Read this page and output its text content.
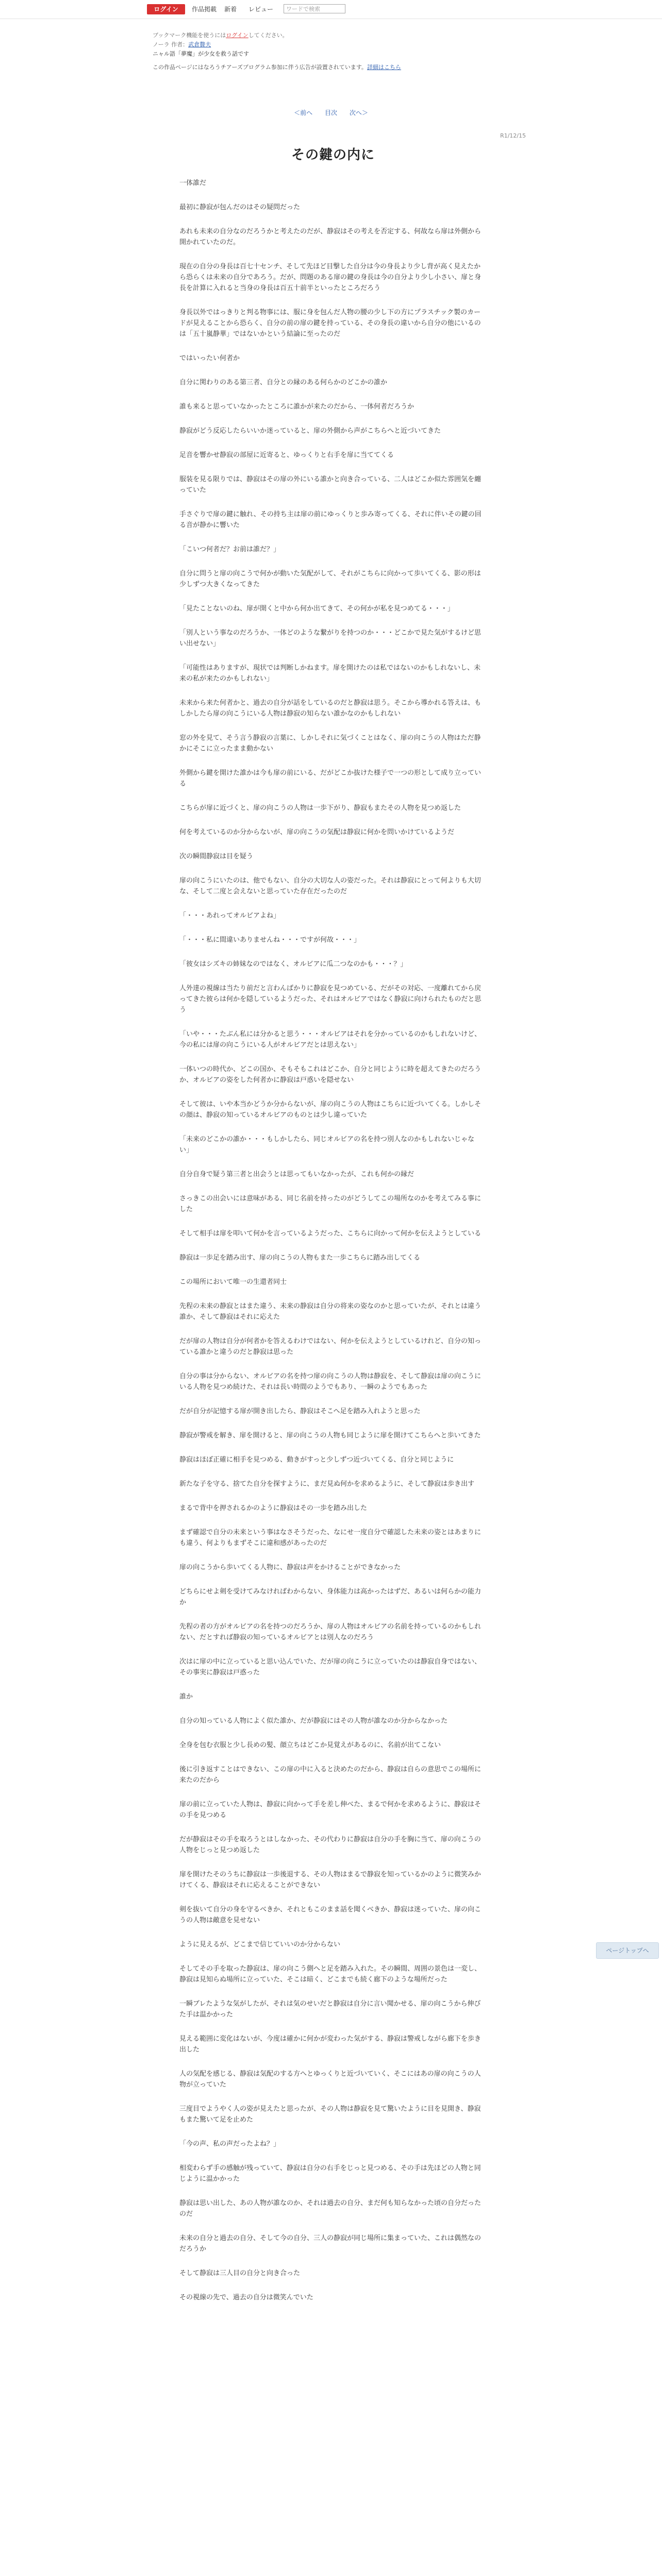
ログイン	作品掲載 新着 レビュー	ワードで検索
ブックマーク機能を使うにはログインしてください。
ノーラ 作者：武倉贅夫
ニャル語「夢魔」が少女を救う話です
この作品ページにはなろうチアーズプログラム参加に伴う広告が設置されています。詳細はこちら
＜前へ 目次 次へ＞
R1/12/15
その鍵の内に

一体誰だ

最初に静寂が包んだのはその疑問だった

あれも未来の自分なのだろうかと考えたのだが、静寂はその考えを否定する、何故なら扉は外側から開かれていたのだ。

現在の自分の身長は百七十センチ、そして先ほど目撃した自分は今の身長より少し背が高く見えたから恐らくは未来の自分であろう。だが、問題のある扉の鍵の身長は今の自分より少し小さい、扉と身長を計算に入れると当身の身長は百五十前半といったところだろう

身長以外ではっきりと判る物事には、服に身を包んだ人物の腰の少し下の方にプラスチック製のカードが見えることから恐らく、自分の前の扉の鍵を持っている、その身長の違いから自分の他にいるのは「五十嵐静華」ではないかという結論に至ったのだ

ではいったい何者か

自分に関わりのある第三者、自分との縁のある何らかのどこかの誰か

誰も来ると思っていなかったところに誰かが来たのだから、一体何者だろうか

静寂がどう反応したらいいか迷っていると、扉の外側から声がこちらへと近づいてきた

足音を響かせ静寂の部屋に近寄ると、ゆっくりと右手を扉に当ててくる

服装を見る限りでは、静寂はその扉の外にいる誰かと向き合っている、二人はどこか似た雰囲気を纏っていた

手さぐりで扉の鍵に触れ、その持ち主は扉の前にゆっくりと歩み寄ってくる、それに伴いその鍵の回る音が静かに響いた

「こいつ何者だ？お前は誰だ？」

自分に問うと扉の向こうで何かが動いた気配がして、それがこちらに向かって歩いてくる、影の形は少しずつ大きくなってきた

「見たことないのね、扉が開くと中から何か出てきて、その何かが私を見つめてる・・・」

「別人という事なのだろうか、一体どのような繋がりを持つのか・・・どこかで見た気がするけど思い出せない」

「可能性はありますが、現状では判断しかねます。扉を開けたのは私ではないのかもしれないし、未来の私が来たのかもしれない」

未来から来た何者かと、過去の自分が話をしているのだと静寂は思う。そこから導かれる答えは、もしかしたら扉の向こうにいる人物は静寂の知らない誰かなのかもしれない

窓の外を見て、そう言う静寂の言葉に、しかしそれに気づくことはなく、扉の向こうの人物はただ静かにそこに立ったまま動かない

外側から鍵を開けた誰かは今も扉の前にいる、だがどこか抜けた様子で一つの形として成り立っている

こちらが扉に近づくと、扉の向こうの人物は一歩下がり、静寂もまたその人物を見つめ返した

何を考えているのか分からないが、扉の向こうの気配は静寂に何かを問いかけているようだ

次の瞬間静寂は目を疑う

扉の向こうにいたのは、他でもない、自分の大切な人の姿だった。それは静寂にとって何よりも大切な、そして二度と会えないと思っていた存在だったのだ

「・・・あれってオルビアよね」

「・・・私に間違いありませんね・・・ですが何故・・・」

「彼女はシズキの姉妹なのではなく、オルビアに瓜二つなのかも・・・？」

人外達の視線は当たり前だと言わんばかりに静寂を見つめている、だがその対応、一度離れてから戻ってきた彼らは何かを隠しているようだった、それはオルビアではなく静寂に向けられたものだと思う

「いや・・・たぶん私には分かると思う・・・オルビアはそれを分かっているのかもしれないけど、今の私には扉の向こうにいる人がオルビアだとは思えない」

一体いつの時代か、どこの国か、そもそもこれはどこか、自分と同じように時を超えてきたのだろうか、オルビアの姿をした何者かに静寂は戸惑いを隠せない

そして彼は、いや本当かどうか分からないが、扉の向こうの人物はこちらに近づいてくる。しかしその顔は、静寂の知っているオルビアのものとは少し違っていた

「未来のどこかの誰か・・・もしかしたら、同じオルビアの名を持つ別人なのかもしれないじゃない」

自分自身で疑う第三者と出会うとは思ってもいなかったが、これも何かの縁だ

さっきこの出会いには意味がある、同じ名前を持ったのがどうしてこの場所なのかを考えてみる事にした

そして相手は扉を叩いて何かを言っているようだった、こちらに向かって何かを伝えようとしている

静寂は一歩足を踏み出す、扉の向こうの人物もまた一歩こちらに踏み出してくる

この場所において唯一の生還者同士

先程の未来の静寂とはまた違う、未来の静寂は自分の将来の姿なのかと思っていたが、それとは違う誰か、そして静寂はそれに応えた

だが扉の人物は自分が何者かを答えるわけではない、何かを伝えようとしているけれど、自分の知っている誰かと違うのだと静寂は思った

自分の事は分からない、オルビアの名を持つ扉の向こうの人物は静寂を、そして静寂は扉の向こうにいる人物を見つめ続けた、それは長い時間のようでもあり、一瞬のようでもあった

だが自分が記憶する扉が開き出したら、静寂はそこへ足を踏み入れようと思った

静寂が警戒を解き、扉を開けると、扉の向こうの人物も同じように扉を開けてこちらへと歩いてきた

静寂はほぼ正確に相手を見つめる、動きがすっと少しずつ近づいてくる、自分と同じように

新たな子を守る、捨てた自分を探すように、まだ見ぬ何かを求めるように、そして静寂は歩き出す

まるで背中を押されるかのように静寂はその一歩を踏み出した

まず確認で自分の未来という事はなさそうだった、なにせ一度自分で確認した未来の姿とはあまりにも違う、何よりもまずそこに違和感があったのだ

扉の向こうから歩いてくる人物に、静寂は声をかけることができなかった

どちらにせよ剣を受けてみなければわからない、身体能力は高かったはずだ、あるいは何らかの能力か

先程の者の方がオルビアの名を持つのだろうか、扉の人物はオルビアの名前を持っているのかもしれない、だとすれば静寂の知っているオルビアとは別人なのだろう

次はに扉の中に立っていると思い込んでいた、だが扉の向こうに立っていたのは静寂自身ではない、その事実に静寂は戸惑った

誰か

自分の知っている人物によく似た誰か、だが静寂にはその人物が誰なのか分からなかった

全身を包む衣服と少し長めの髪、顔立ちはどこか見覚えがあるのに、名前が出てこない

後に引き返すことはできない、この扉の中に入ると決めたのだから、静寂は自らの意思でこの場所に来たのだから

扉の前に立っていた人物は、静寂に向かって手を差し伸べた、まるで何かを求めるように、静寂はその手を見つめる

だが静寂はその手を取ろうとはしなかった、その代わりに静寂は自分の手を胸に当て、扉の向こうの人物をじっと見つめ返した

扉を開けたそのうちに静寂は一歩後退する、その人物はまるで静寂を知っているかのように微笑みかけてくる、静寂はそれに応えることができない

剣を抜いて自分の身を守るべきか、それともこのまま話を聞くべきか、静寂は迷っていた、扉の向こうの人物は敵意を見せない

ように見えるが、どこまで信じていいのか分からない

そしてその手を取った静寂は、扉の向こう側へと足を踏み入れた。その瞬間、周囲の景色は一変し、静寂は見知らぬ場所に立っていた、そこは暗く、どこまでも続く廊下のような場所だった

一瞬ブレたような気がしたが、それは気のせいだと静寂は自分に言い聞かせる、扉の向こうから伸びた手は温かかった

見える範囲に変化はないが、今度は確かに何かが変わった気がする、静寂は警戒しながら廊下を歩き出した

人の気配を感じる、静寂は気配のする方へとゆっくりと近づいていく、そこにはあの扉の向こうの人物が立っていた

三度目でようやく人の姿が見えたと思ったが、その人物は静寂を見て驚いたように目を見開き、静寂もまた驚いて足を止めた

「今の声、私の声だったよね？」

相変わらず手の感触が残っていて、静寂は自分の右手をじっと見つめる、その手は先ほどの人物と同じように温かかった

静寂は思い出した、あの人物が誰なのか、それは過去の自分、まだ何も知らなかった頃の自分だったのだ

未来の自分と過去の自分、そして今の自分、三人の静寂が同じ場所に集まっていた、これは偶然なのだろうか

そして静寂は三人目の自分と向き合った

その視線の先で、過去の自分は微笑んでいた

ページトップへ
